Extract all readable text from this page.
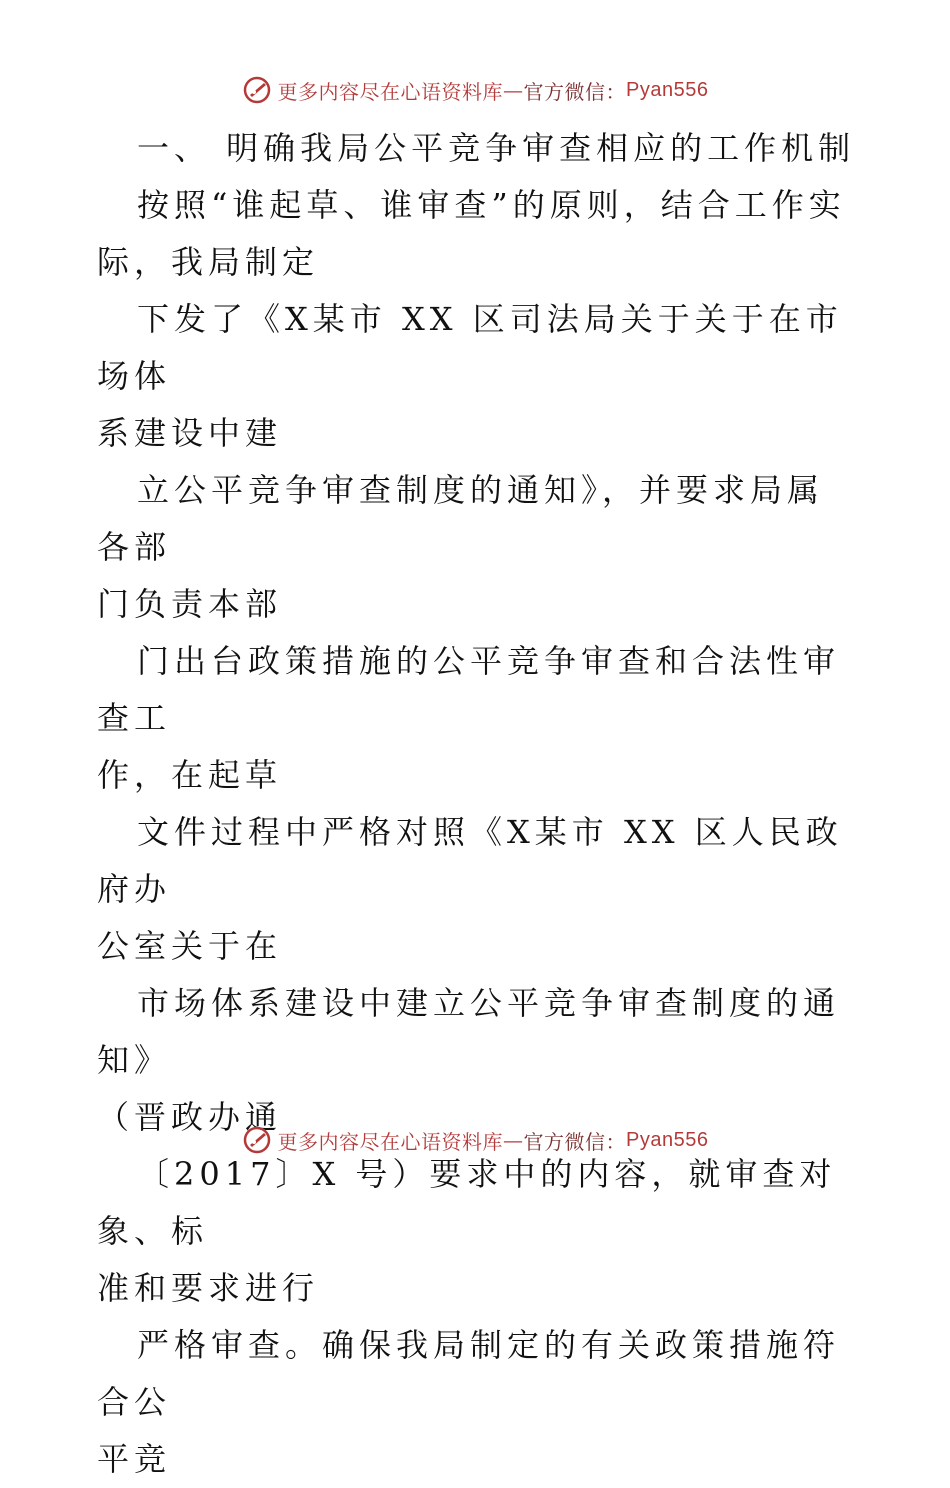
更多内容尽在心语资料库 — 官方微信： Pyan556
一、 明确我局公平竞争审查相应的工作机制
按照“谁起草、谁审查”的原则，结合工作实
际，我局制定
下发了《X某市 XX 区司法局关于关于在市场体
系建设中建
立公平竞争审查制度的通知》，并要求局属各部
门负责本部
门出台政策措施的公平竞争审查和合法性审查工
作，在起草
文件过程中严格对照《X某市 XX 区人民政府办
公室关于在
市场体系建设中建立公平竞争审查制度的通知》
（晋政办通
〔2017〕X 号）要求中的内容，就审查对象、标
准和要求进行
严格审查。确保我局制定的有关政策措施符合公
平竞
更多内容尽在心语资料库 — 官方微信： Pyan556
